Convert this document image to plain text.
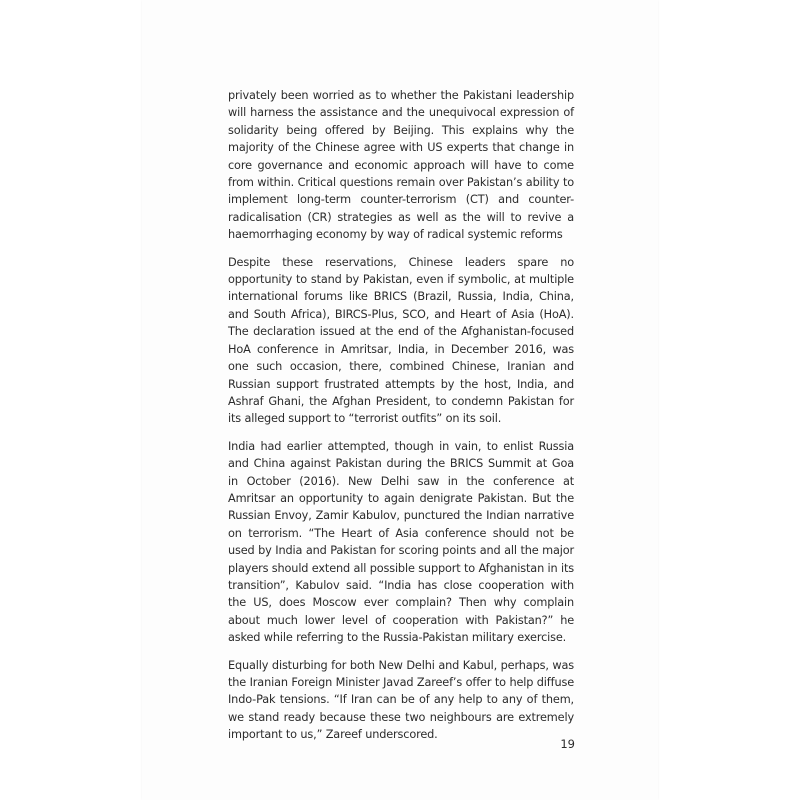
privately been worried as to whether the Pakistani leadership will harness the assistance and the unequivocal expression of solidarity being offered by Beijing. This explains why the majority of the Chinese agree with US experts that change in core governance and economic approach will have to come from within. Critical questions remain over Pakistan’s ability to implement long-term counter-terrorism (CT) and counter-radicalisation (CR) strategies as well as the will to revive a haemorrhaging economy by way of radical systemic reforms

Despite these reservations, Chinese leaders spare no opportunity to stand by Pakistan, even if symbolic, at multiple international forums like BRICS (Brazil, Russia, India, China, and South Africa), BIRCS-Plus, SCO, and Heart of Asia (HoA). The declaration issued at the end of the Afghanistan-focused HoA conference in Amritsar, India, in December 2016, was one such occasion, there, combined Chinese, Iranian and Russian support frustrated attempts by the host, India, and Ashraf Ghani, the Afghan President, to condemn Pakistan for its alleged support to “terrorist outfits” on its soil.

India had earlier attempted, though in vain, to enlist Russia and China against Pakistan during the BRICS Summit at Goa in October (2016). New Delhi saw in the conference at Amritsar an opportunity to again denigrate Pakistan. But the Russian Envoy, Zamir Kabulov, punctured the Indian narrative on terrorism. “The Heart of Asia conference should not be used by India and Pakistan for scoring points and all the major players should extend all possible support to Afghanistan in its transition”, Kabulov said. “India has close cooperation with the US, does Moscow ever complain? Then why complain about much lower level of cooperation with Pakistan?” he asked while referring to the Russia-Pakistan military exercise.

Equally disturbing for both New Delhi and Kabul, perhaps, was the Iranian Foreign Minister Javad Zareef’s offer to help diffuse Indo-Pak tensions. “If Iran can be of any help to any of them, we stand ready because these two neighbours are extremely important to us,” Zareef underscored.

19
